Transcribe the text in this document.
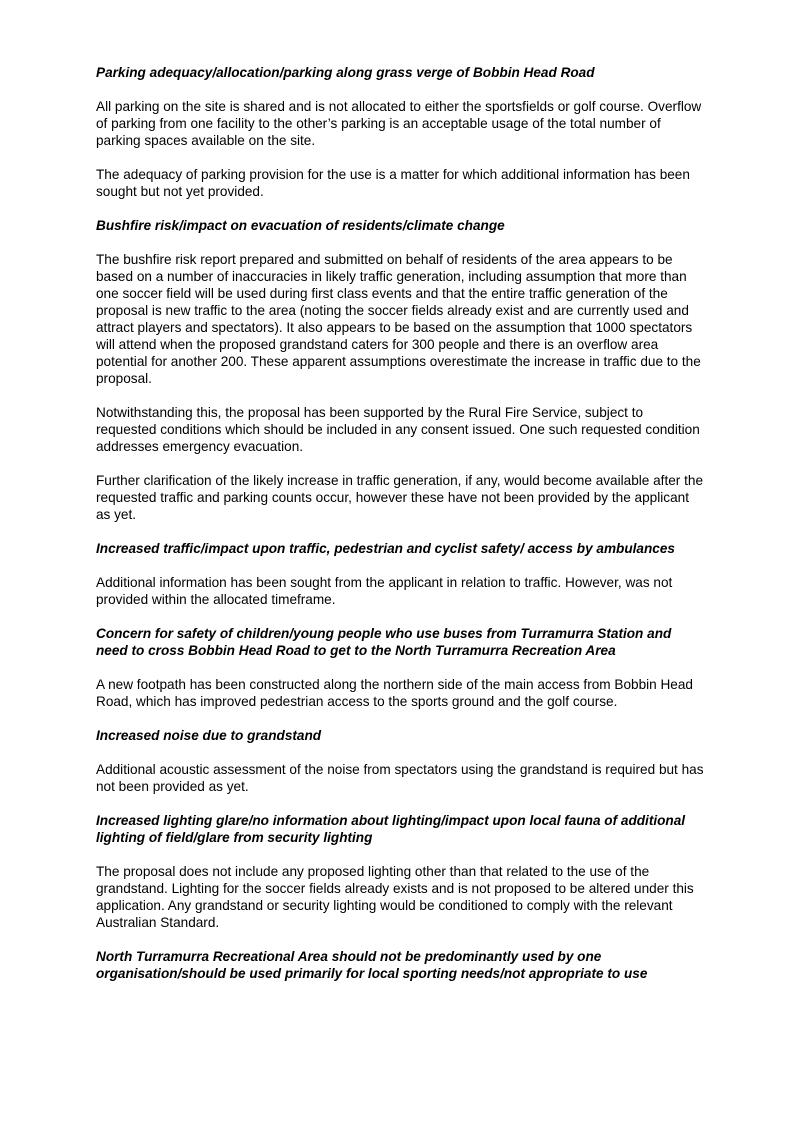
Parking adequacy/allocation/parking along grass verge of Bobbin Head Road

All parking on the site is shared and is not allocated to either the sportsfields or golf course. Overflow of parking from one facility to the other’s parking is an acceptable usage of the total number of parking spaces available on the site.

The adequacy of parking provision for the use is a matter for which additional information has been sought but not yet provided.

Bushfire risk/impact on evacuation of residents/climate change

The bushfire risk report prepared and submitted on behalf of residents of the area appears to be based on a number of inaccuracies in likely traffic generation, including assumption that more than one soccer field will be used during first class events and that the entire traffic generation of the proposal is new traffic to the area (noting the soccer fields already exist and are currently used and attract players and spectators). It also appears to be based on the assumption that 1000 spectators will attend when the proposed grandstand caters for 300 people and there is an overflow area potential for another 200. These apparent assumptions overestimate the increase in traffic due to the proposal.

Notwithstanding this, the proposal has been supported by the Rural Fire Service, subject to requested conditions which should be included in any consent issued. One such requested condition addresses emergency evacuation.

Further clarification of the likely increase in traffic generation, if any, would become available after the requested traffic and parking counts occur, however these have not been provided by the applicant as yet.

Increased traffic/impact upon traffic, pedestrian and cyclist safety/ access by ambulances

Additional information has been sought from the applicant in relation to traffic. However, was not provided within the allocated timeframe.

Concern for safety of children/young people who use buses from Turramurra Station and need to cross Bobbin Head Road to get to the North Turramurra Recreation Area

A new footpath has been constructed along the northern side of the main access from Bobbin Head Road, which has improved pedestrian access to the sports ground and the golf course.

Increased noise due to grandstand

Additional acoustic assessment of the noise from spectators using the grandstand is required but has not been provided as yet.

Increased lighting glare/no information about lighting/impact upon local fauna of additional lighting of field/glare from security lighting

The proposal does not include any proposed lighting other than that related to the use of the grandstand. Lighting for the soccer fields already exists and is not proposed to be altered under this application. Any grandstand or security lighting would be conditioned to comply with the relevant Australian Standard.

North Turramurra Recreational Area should not be predominantly used by one organisation/should be used primarily for local sporting needs/not appropriate to use
